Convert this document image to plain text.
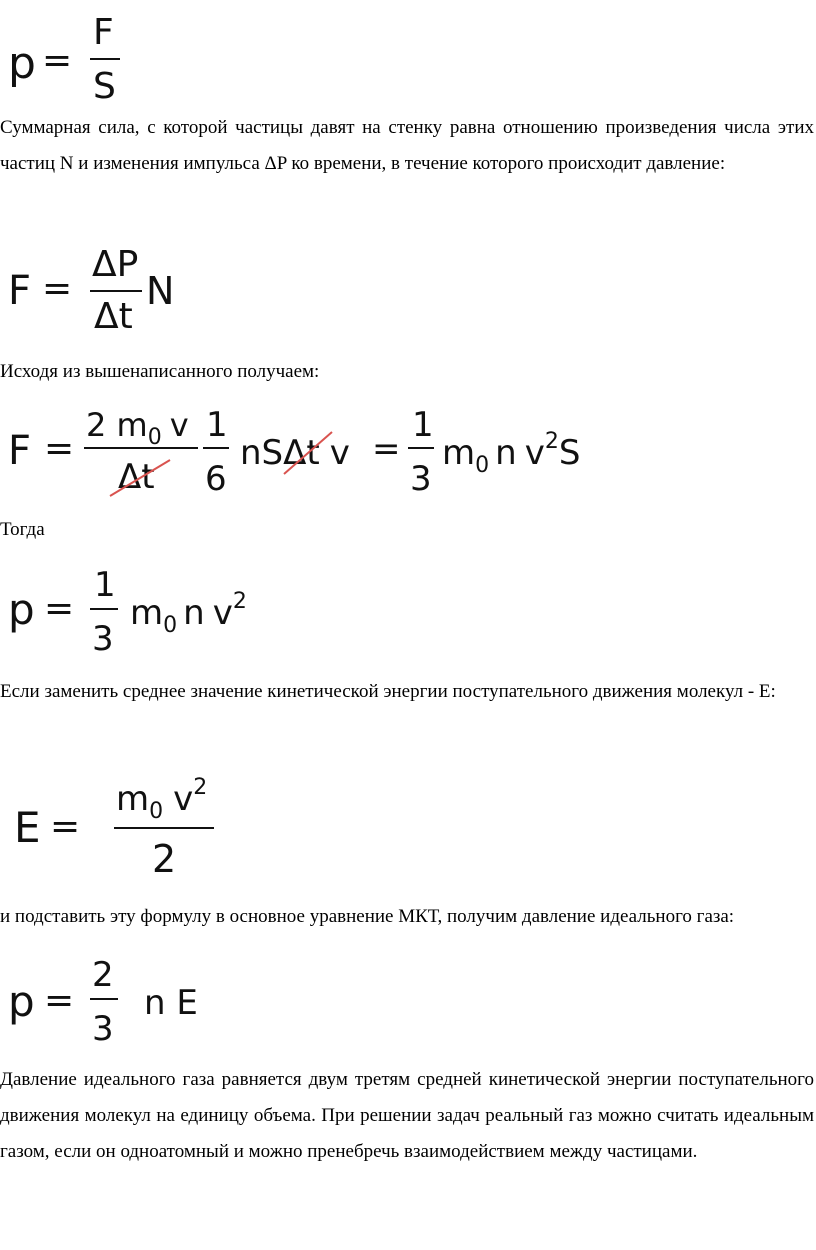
p =
F
S

Суммарная сила, с которой частицы давят на стенку равна отношению произведения числа этих частиц N и изменения импульса ΔP ко времени, в течение которого происходит давление:

F =
ΔP
Δt
N

Исходя из вышенаписанного получаем:

F =
2 $m_0$ v
Δt
1
6
nSΔt v =
1
3
$m_0$ n $v^2S$

Тогда

p =
1
3
$m_0$ n $v^2$

Если заменить среднее значение кинетической энергии поступательного движения молекул - E:

E =
$m_0$ $v^2$
2

и подставить эту формулу в основное уравнение МКТ, получим давление идеального газа:

p =
2
3
n E

Давление идеального газа равняется двум третям средней кинетической энергии поступательного движения молекул на единицу объема. При решении задач реальный газ можно считать идеальным газом, если он одноатомный и можно пренебречь взаимодействием между частицами.
